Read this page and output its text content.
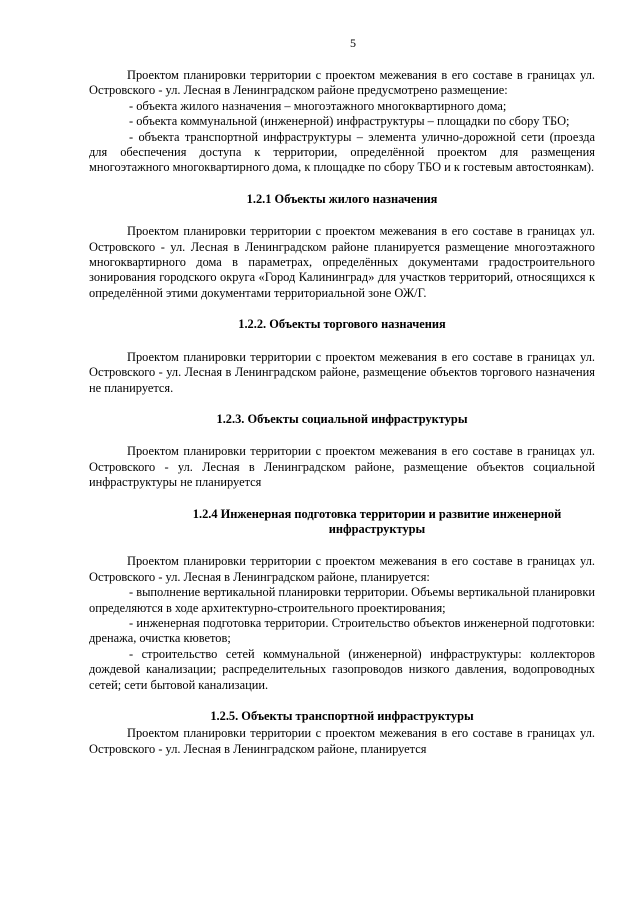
5

Проектом планировки территории с проектом межевания в его составе в границах ул. Островского - ул. Лесная в Ленинградском районе предусмотрено размещение:

- объекта жилого назначения – многоэтажного многоквартирного дома;

- объекта коммунальной (инженерной) инфраструктуры – площадки по сбору ТБО;

- объекта транспортной инфраструктуры – элемента улично-дорожной сети (проезда для обеспечения доступа к территории, определённой проектом для размещения многоэтажного многоквартирного дома, к площадке по сбору ТБО и к гостевым автостоянкам).

1.2.1 Объекты жилого назначения

Проектом планировки территории с проектом межевания в его составе в границах ул. Островского - ул. Лесная в Ленинградском районе планируется размещение многоэтажного многоквартирного дома в параметрах, определённых документами градостроительного зонирования городского округа «Город Калининград» для участков территорий, относящихся к определённой этими документами территориальной зоне ОЖ/Г.

1.2.2. Объекты торгового назначения

Проектом планировки территории с проектом межевания в его составе в границах ул. Островского - ул. Лесная в Ленинградском районе, размещение объектов торгового назначения не планируется.

1.2.3. Объекты социальной инфраструктуры

Проектом планировки территории с проектом межевания в его составе в границах ул. Островского - ул. Лесная в Ленинградском районе, размещение объектов социальной инфраструктуры не планируется

1.2.4 Инженерная подготовка территории и развитие инженерной инфраструктуры

Проектом планировки территории с проектом межевания в его составе в границах ул. Островского - ул. Лесная в Ленинградском районе, планируется:

- выполнение вертикальной планировки территории. Объемы вертикальной планировки определяются в ходе архитектурно-строительного проектирования;

- инженерная подготовка территории. Строительство объектов инженерной подготовки: дренажа, очистка кюветов;

- строительство сетей коммунальной (инженерной) инфраструктуры: коллекторов дождевой канализации; распределительных газопроводов низкого давления, водопроводных сетей; сети бытовой канализации.

1.2.5. Объекты транспортной инфраструктуры

Проектом планировки территории с проектом межевания в его составе в границах ул. Островского - ул. Лесная в Ленинградском районе, планируется
